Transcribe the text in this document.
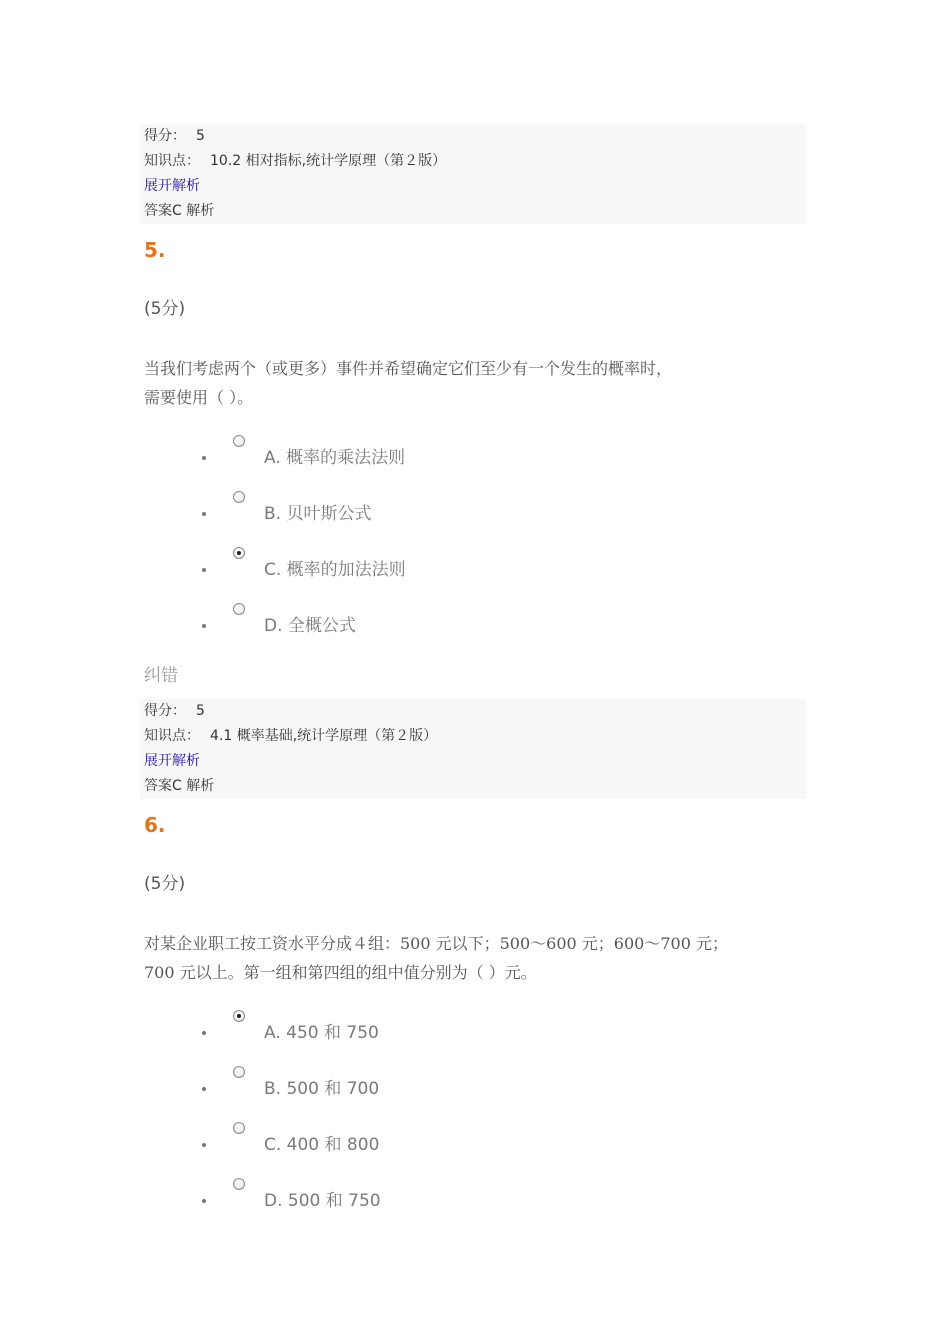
得分： 5
知识点： 10.2 相对指标,统计学原理（第２版）
展开解析
答案C 解析
5.
(5分)
当我们考虑两个（或更多）事件并希望确定它们至少有一个发生的概率时，
需要使用（ ）。
A. 概率的乘法法则
B. 贝叶斯公式
C. 概率的加法法则
D. 全概公式
纠错
得分： 5
知识点： 4.1 概率基础,统计学原理（第２版）
展开解析
答案C 解析
6.
(5分)
对某企业职工按工资水平分成４组：500 元以下；500～600 元；600～700 元；
700 元以上。第一组和第四组的组中值分别为（ ）元。
A. 450 和 750
B. 500 和 700
C. 400 和 800
D. 500 和 750
